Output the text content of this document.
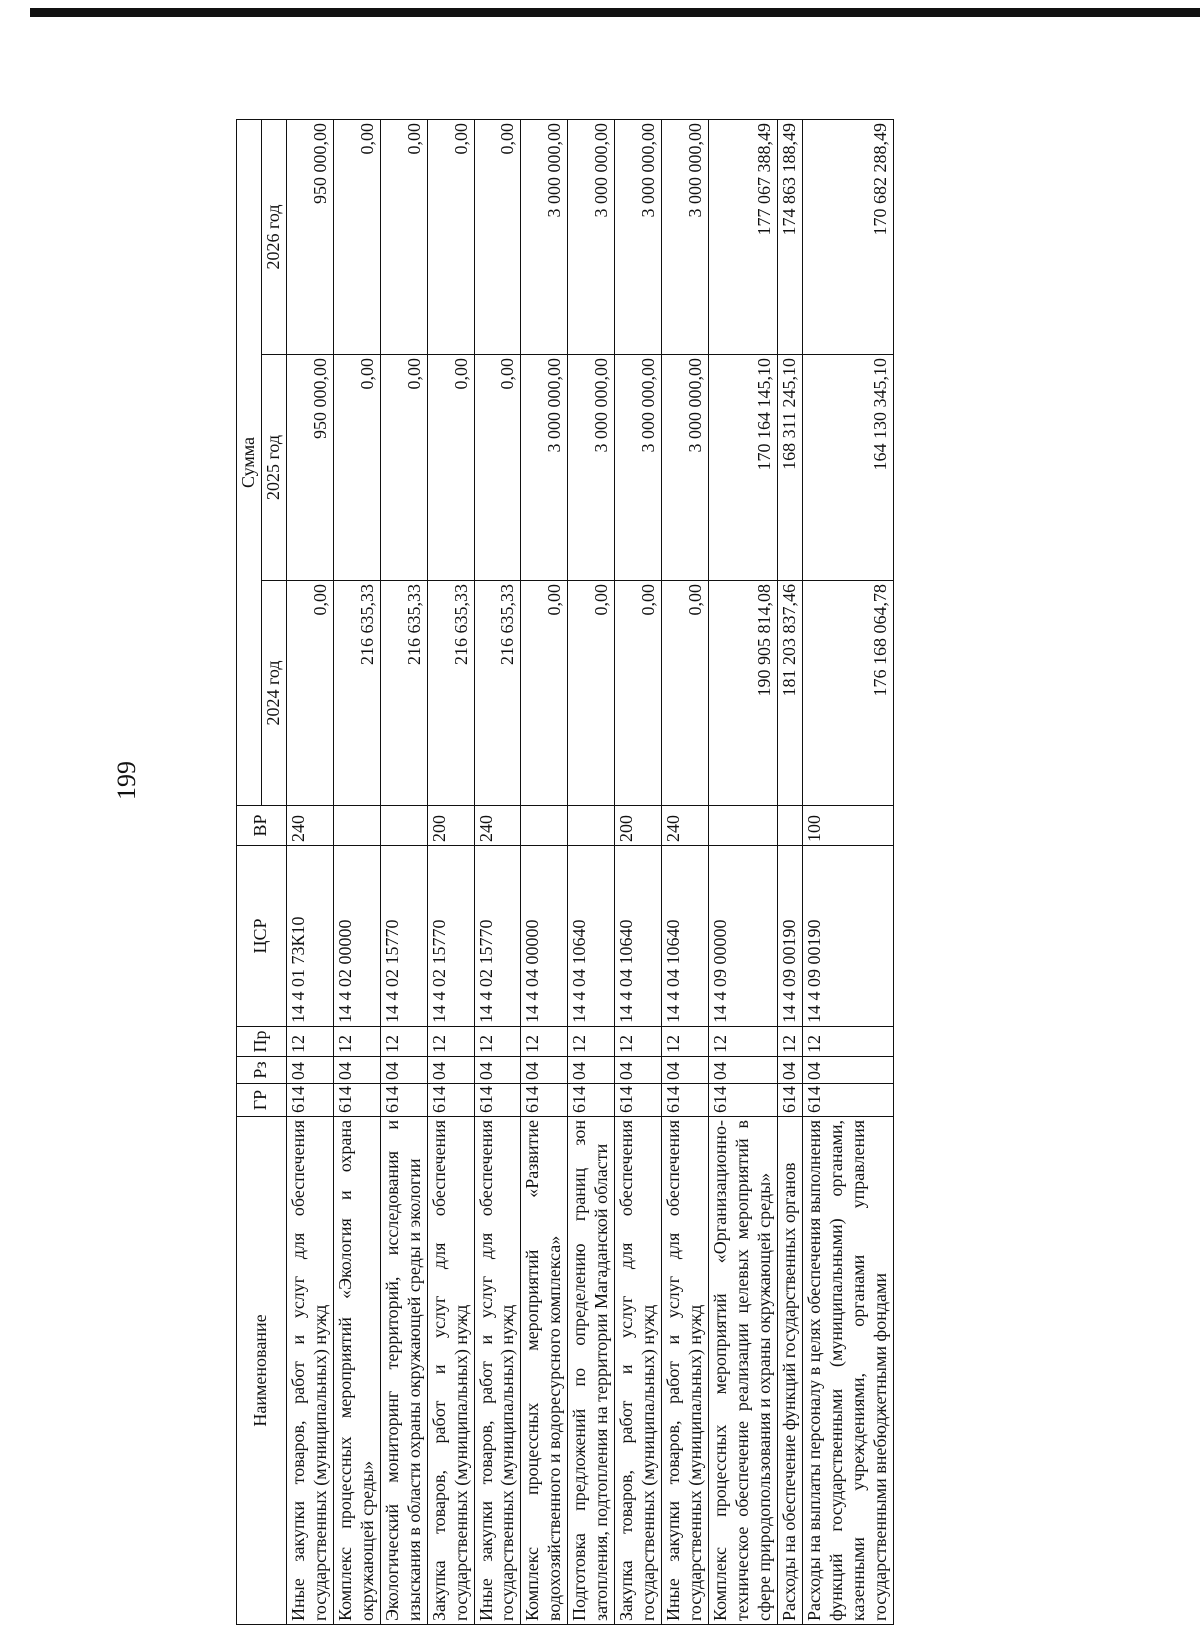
199
Наименование	ГР	Рз	Пр	ЦСР	ВР	Сумма		
						2024 год	2025 год	2026 год
Иные закупки товаров, работ и услуг для обеспечения государственных (муниципальных) нужд	614	04	12	14 4 01 73К10	240	0,00	950 000,00	950 000,00
Комплекс процессных мероприятий «Экология и охрана окружающей среды»	614	04	12	14 4 02 00000		216 635,33	0,00	0,00
Экологический мониторинг территорий, исследования и изыскания в области охраны окружающей среды и экологии	614	04	12	14 4 02 15770		216 635,33	0,00	0,00
Закупка товаров, работ и услуг для обеспечения государственных (муниципальных) нужд	614	04	12	14 4 02 15770	200	216 635,33	0,00	0,00
Иные закупки товаров, работ и услуг для обеспечения государственных (муниципальных) нужд	614	04	12	14 4 02 15770	240	216 635,33	0,00	0,00
Комплекс процессных мероприятий «Развитие водохозяйственного и водоресурсного комплекса»	614	04	12	14 4 04 00000		0,00	3 000 000,00	3 000 000,00
Подготовка предложений по определению границ зон затопления, подтопления на территории Магаданской области	614	04	12	14 4 04 10640		0,00	3 000 000,00	3 000 000,00
Закупка товаров, работ и услуг для обеспечения государственных (муниципальных) нужд	614	04	12	14 4 04 10640	200	0,00	3 000 000,00	3 000 000,00
Иные закупки товаров, работ и услуг для обеспечения государственных (муниципальных) нужд	614	04	12	14 4 04 10640	240	0,00	3 000 000,00	3 000 000,00
Комплекс процессных мероприятий «Организационно-техническое обеспечение реализации целевых мероприятий в сфере природопользования и охраны окружающей среды»	614	04	12	14 4 09 00000		190 905 814,08	170 164 145,10	177 067 388,49
Расходы на обеспечение функций государственных органов	614	04	12	14 4 09 00190		181 203 837,46	168 311 245,10	174 863 188,49
Расходы на выплаты персоналу в целях обеспечения выполнения функций государственными (муниципальными) органами, казенными учреждениями, органами управления государственными внебюджетными фондами	614	04	12	14 4 09 00190	100	176 168 064,78	164 130 345,10	170 682 288,49
